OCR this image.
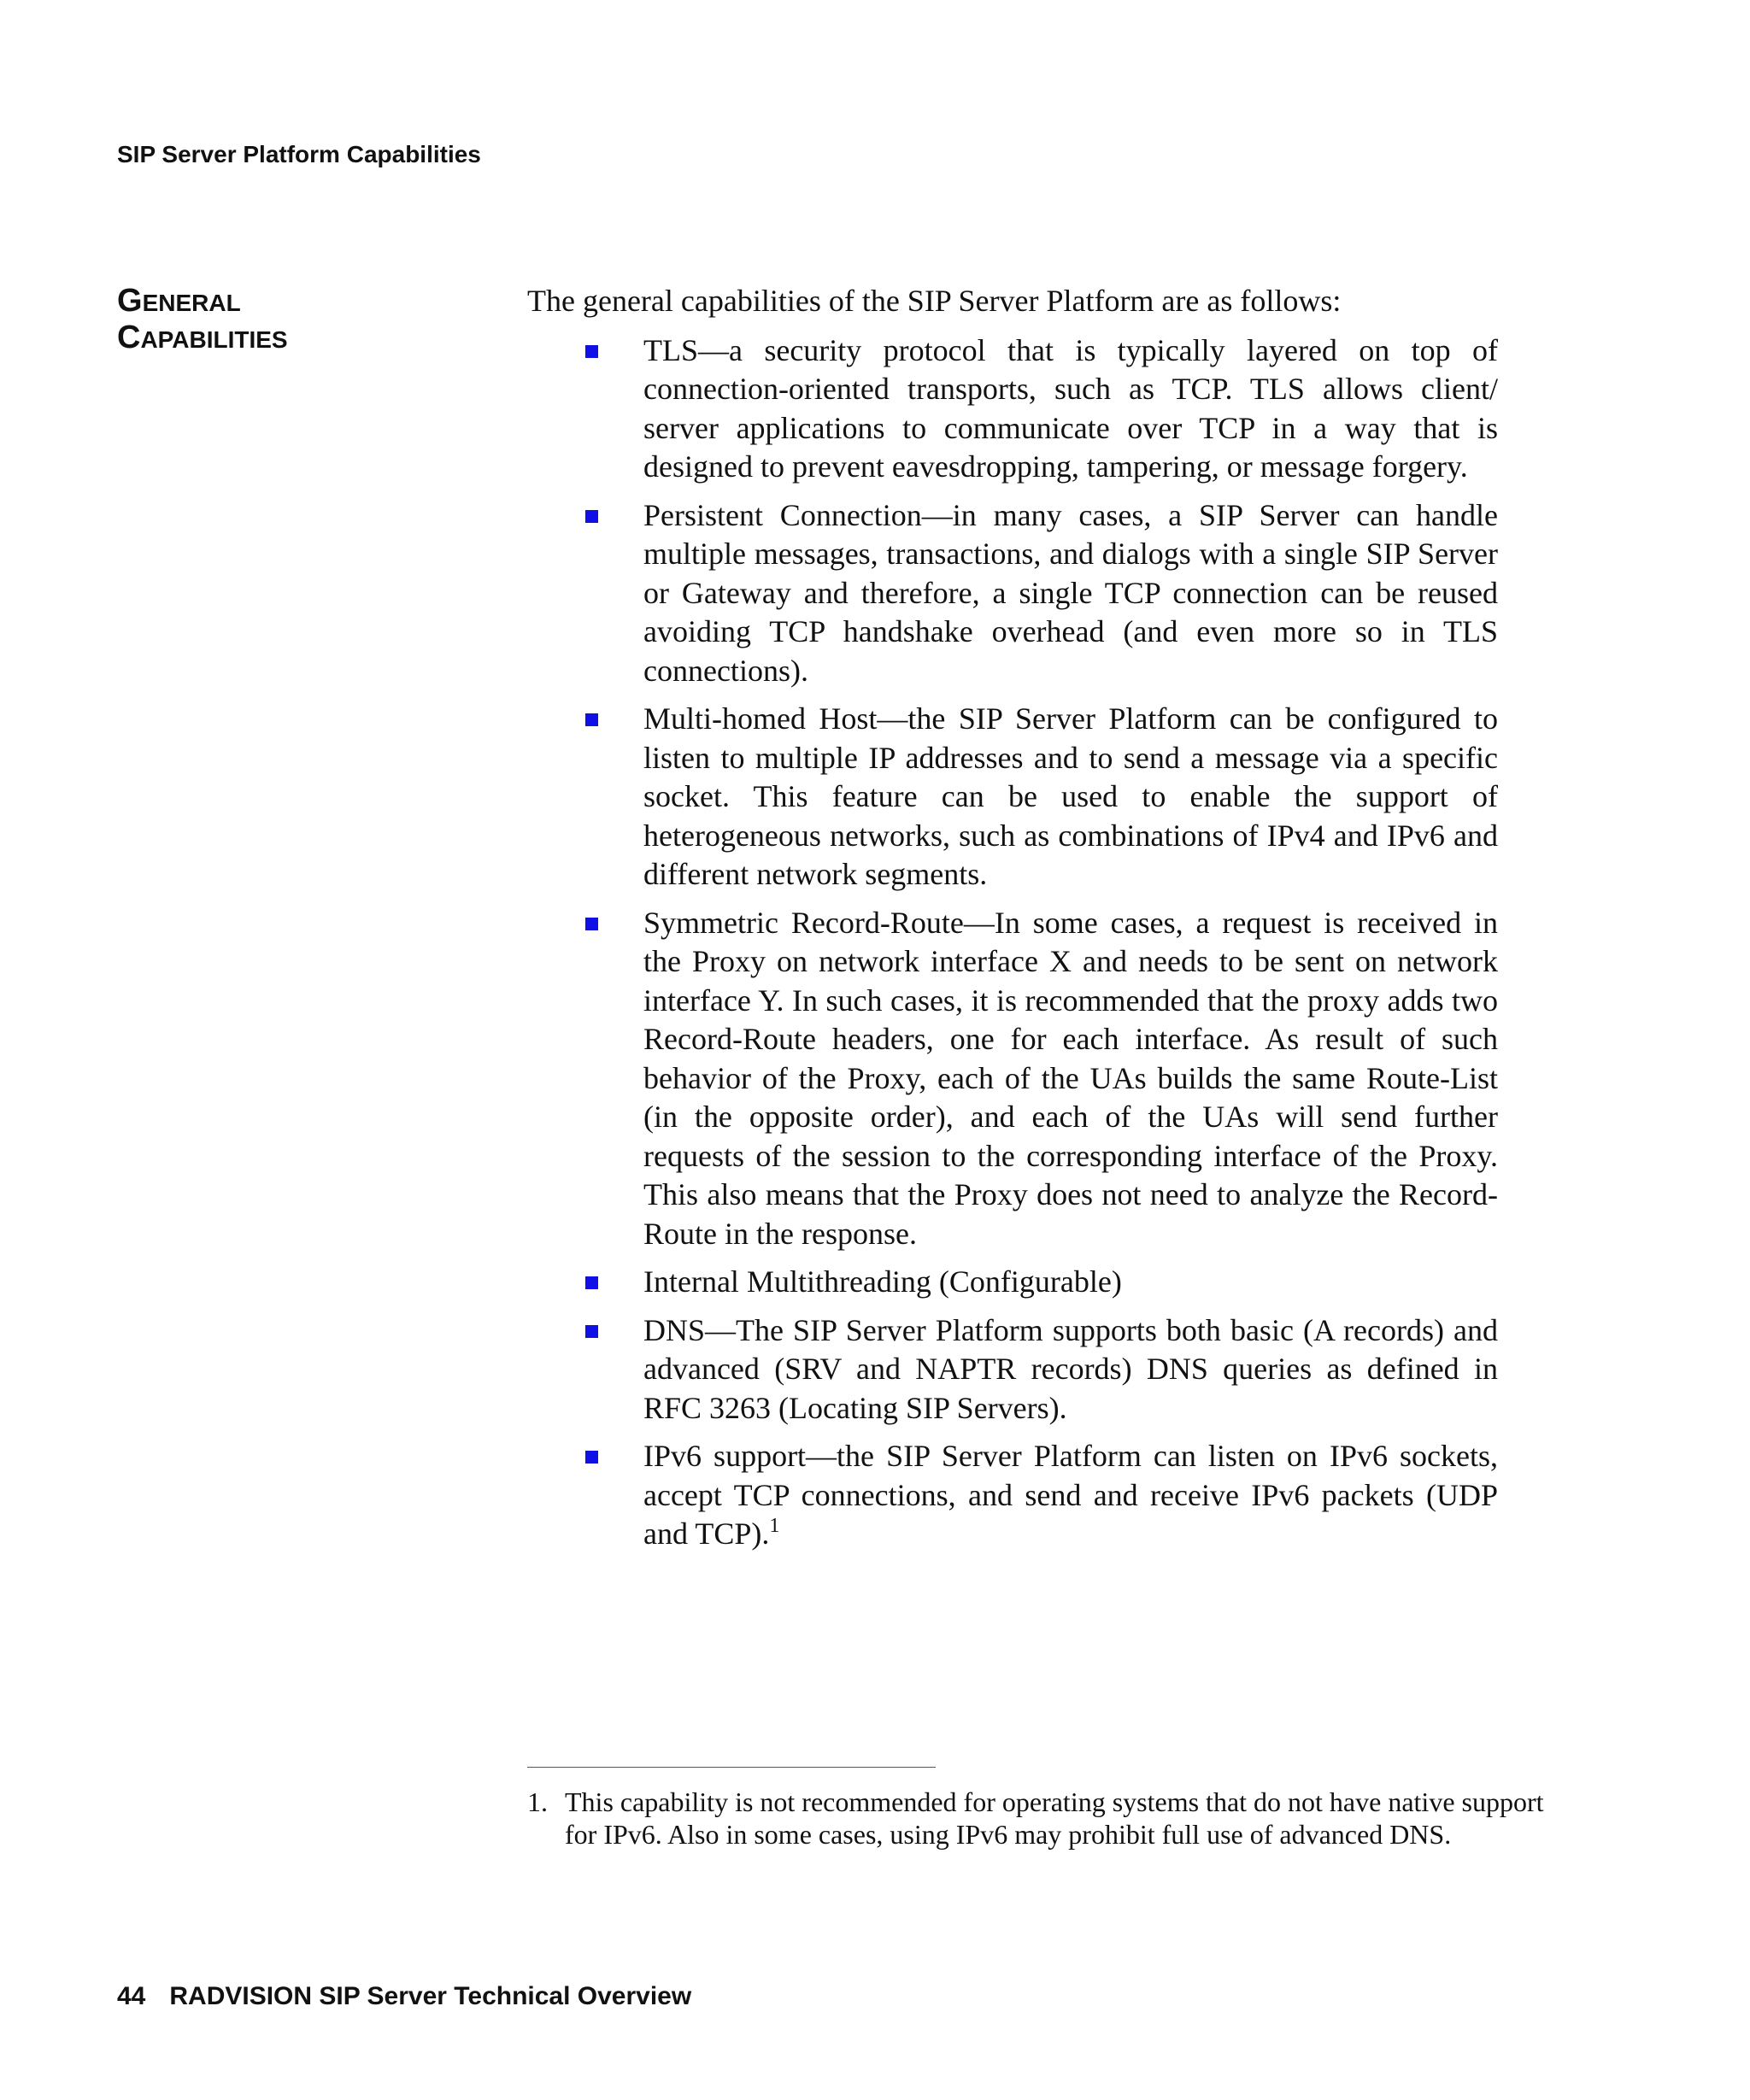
SIP Server Platform Capabilities
GENERAL
CAPABILITIES

The general capabilities of the SIP Server Platform are as follows:

TLS—a security protocol that is typically layered on top of connection-oriented transports, such as TCP. TLS allows client/ server applications to communicate over TCP in a way that is designed to prevent eavesdropping, tampering, or message forgery.
Persistent Connection—in many cases, a SIP Server can handle multiple messages, transactions, and dialogs with a single SIP Server or Gateway and therefore, a single TCP connection can be reused avoiding TCP handshake overhead (and even more so in TLS connections).
Multi-homed Host—the SIP Server Platform can be configured to listen to multiple IP addresses and to send a message via a specific socket. This feature can be used to enable the support of heterogeneous networks, such as combinations of IPv4 and IPv6 and different network segments.
Symmetric Record-Route—In some cases, a request is received in the Proxy on network interface X and needs to be sent on network interface Y. In such cases, it is recommended that the proxy adds two Record-Route headers, one for each interface. As result of such behavior of the Proxy, each of the UAs builds the same Route-List (in the opposite order), and each of the UAs will send further requests of the session to the corresponding interface of the Proxy. This also means that the Proxy does not need to analyze the Record-Route in the response.
Internal Multithreading (Configurable)
DNS—The SIP Server Platform supports both basic (A records) and advanced (SRV and NAPTR records) DNS queries as defined in RFC 3263 (Locating SIP Servers).
IPv6 support—the SIP Server Platform can listen on IPv6 sockets, accept TCP connections, and send and receive IPv6 packets (UDP and TCP).$^1$
1. This capability is not recommended for operating systems that do not have native support for IPv6. Also in some cases, using IPv6 may prohibit full use of advanced DNS.
44 RADVISION SIP Server Technical Overview
